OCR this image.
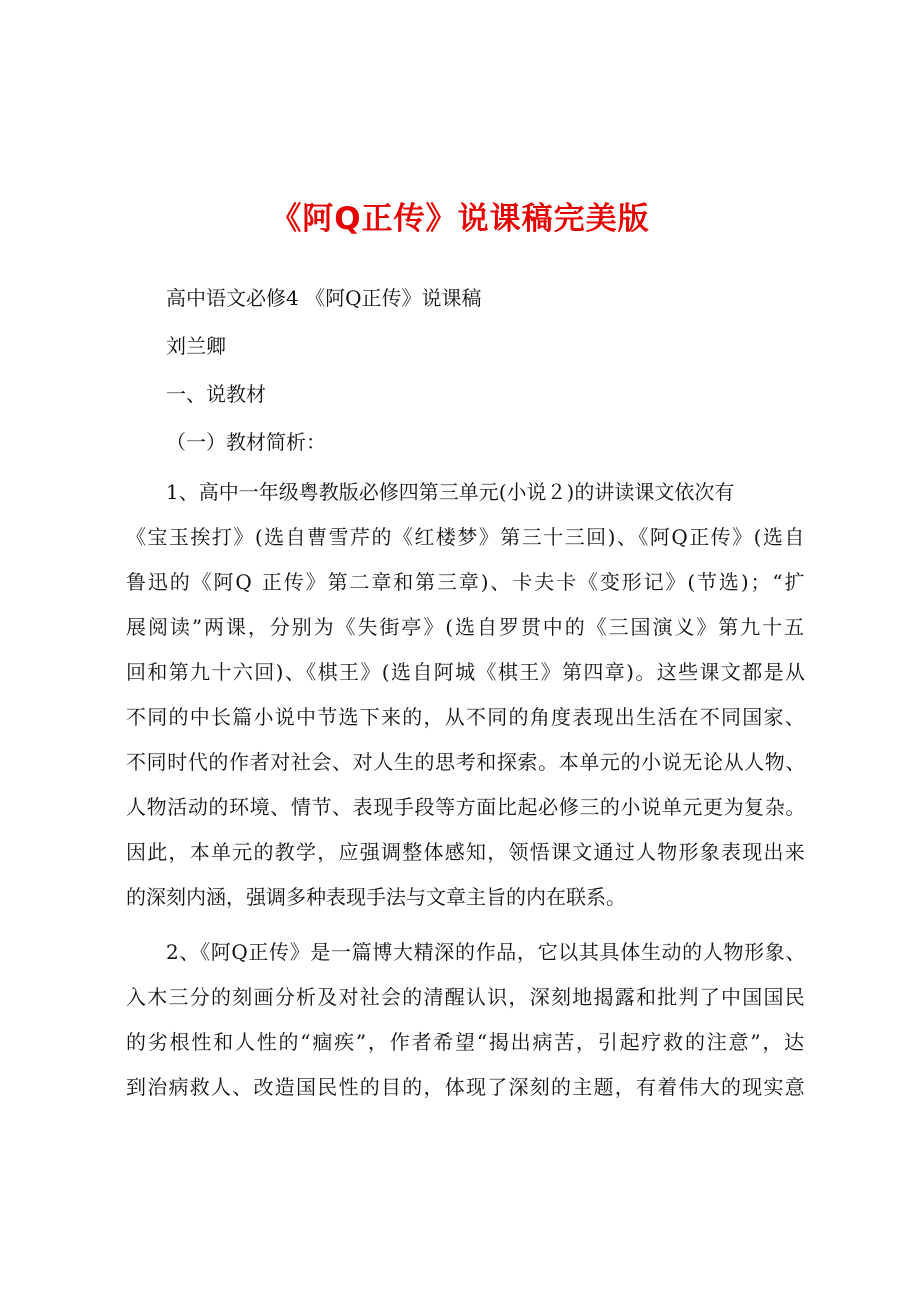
《阿Q正传》说课稿完美版
高中语文必修4 《阿Q正传》说课稿
刘兰卿
一、说教材
（一）教材简析：
1、高中一年级粤教版必修四第三单元(小说２)的讲读课文依次有
《宝玉挨打》(选自曹雪芹的《红楼梦》第三十三回)、《阿Q正传》(选自
鲁迅的《阿Q 正传》第二章和第三章)、卡夫卡《变形记》(节选)；“扩
展阅读”两课，分别为《失街亭》(选自罗贯中的《三国演义》第九十五
回和第九十六回)、《棋王》(选自阿城《棋王》第四章)。这些课文都是从
不同的中长篇小说中节选下来的，从不同的角度表现出生活在不同国家、
不同时代的作者对社会、对人生的思考和探索。本单元的小说无论从人物、
人物活动的环境、情节、表现手段等方面比起必修三的小说单元更为复杂。
因此，本单元的教学，应强调整体感知，领悟课文通过人物形象表现出来
的深刻内涵，强调多种表现手法与文章主旨的内在联系。
2、《阿Q正传》是一篇博大精深的作品，它以其具体生动的人物形象、
入木三分的刻画分析及对社会的清醒认识，深刻地揭露和批判了中国国民
的劣根性和人性的“痼疾”，作者希望“揭出病苦，引起疗救的注意”，达
到治病救人、改造国民性的目的，体现了深刻的主题，有着伟大的现实意
